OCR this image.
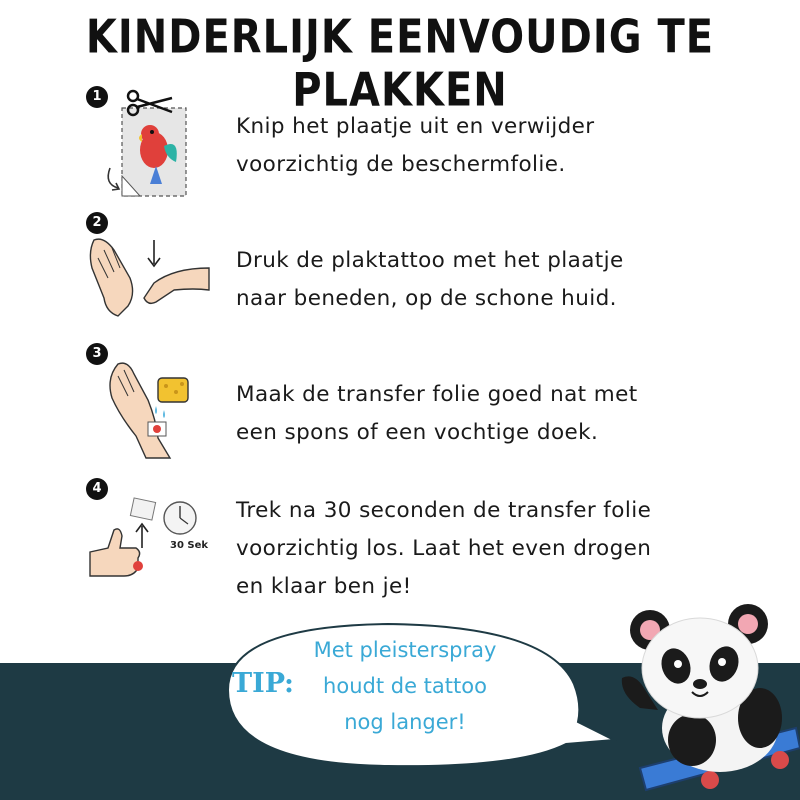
KINDERLIJK EENVOUDIG TE PLAKKEN
1
Knip het plaatje uit en verwijder
voorzichtig de beschermfolie.
2
Druk de plaktattoo met het plaatje
naar beneden, op de schone huid.
3
Maak de transfer folie goed nat met
een spons of een vochtige doek.
4
30 Sek
Trek na 30 seconden de transfer folie
voorzichtig los. Laat het even drogen
en klaar ben je!
TIP:
Met pleisterspray
houdt de tattoo
nog langer!
